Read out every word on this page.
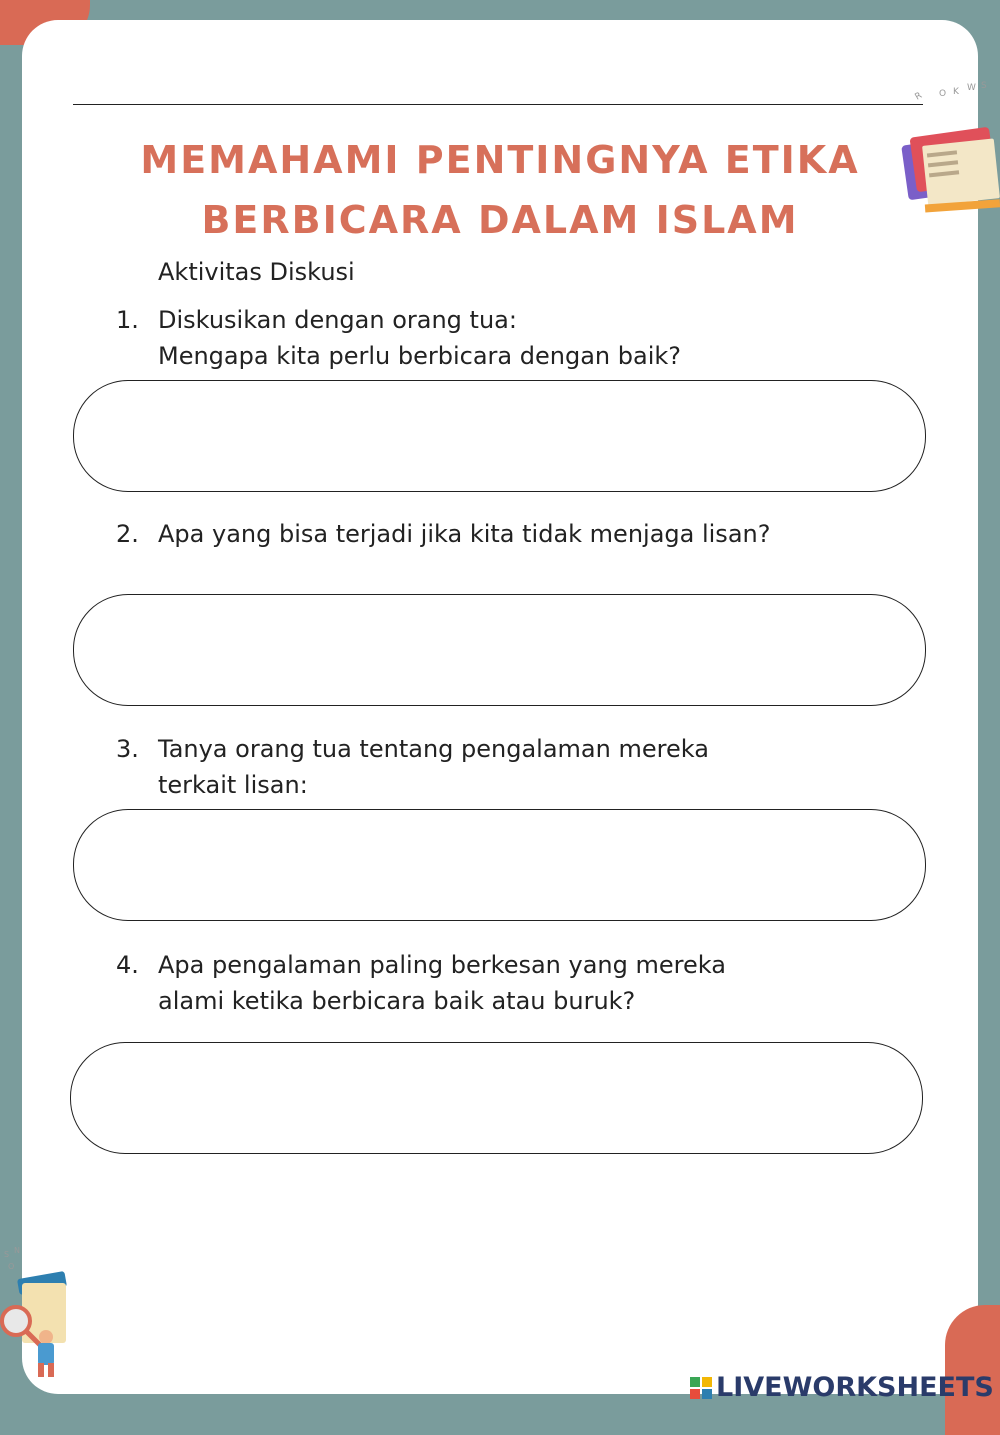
R O K W S
MEMAHAMI PENTINGNYA ETIKA
BERBICARA DALAM ISLAM
Aktivitas Diskusi
1. Diskusikan dengan orang tua:
Mengapa kita perlu berbicara dengan baik?
2. Apa yang bisa terjadi jika kita tidak menjaga lisan?
3. Tanya orang tua tentang pengalaman mereka
terkait lisan:
4. Apa pengalaman paling berkesan yang mereka
alami ketika berbicara baik atau buruk?
S N
O
LIVEWORKSHEETS
